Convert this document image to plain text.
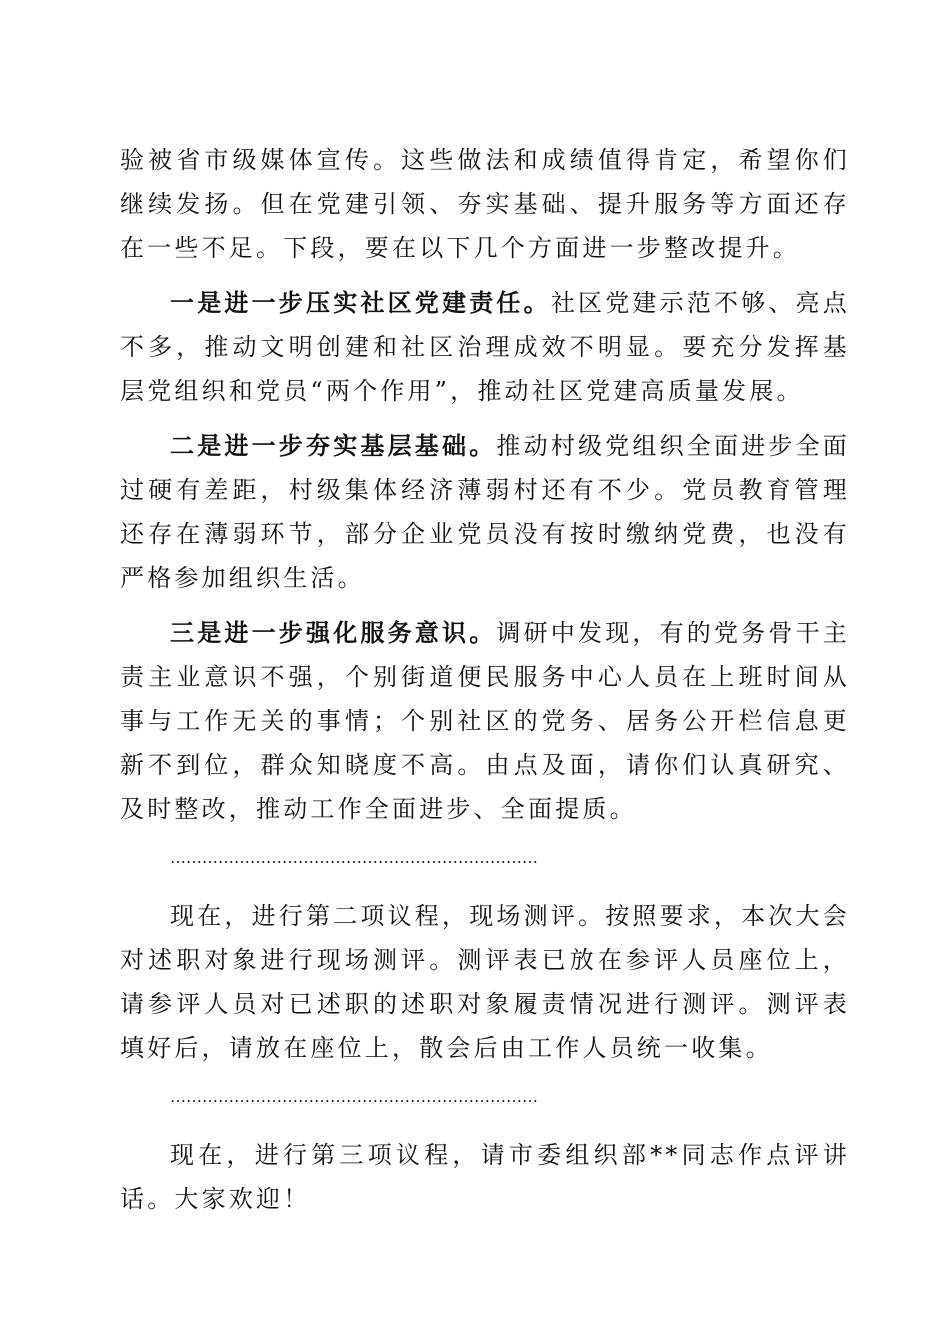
验被省市级媒体宣传。这些做法和成绩值得肯定，希望你们继续发扬。但在党建引领、夯实基础、提升服务等方面还存在一些不足。下段，要在以下几个方面进一步整改提升。

一是进一步压实社区党建责任。社区党建示范不够、亮点不多，推动文明创建和社区治理成效不明显。要充分发挥基层党组织和党员“两个作用”，推动社区党建高质量发展。

二是进一步夯实基层基础。推动村级党组织全面进步全面过硬有差距，村级集体经济薄弱村还有不少。党员教育管理还存在薄弱环节，部分企业党员没有按时缴纳党费，也没有严格参加组织生活。

三是进一步强化服务意识。调研中发现，有的党务骨干主责主业意识不强，个别街道便民服务中心人员在上班时间从事与工作无关的事情；个别社区的党务、居务公开栏信息更新不到位，群众知晓度不高。由点及面，请你们认真研究、及时整改，推动工作全面进步、全面提质。

……………………………………………………………

现在，进行第二项议程，现场测评。按照要求，本次大会对述职对象进行现场测评。测评表已放在参评人员座位上，请参评人员对已述职的述职对象履责情况进行测评。测评表填好后，请放在座位上，散会后由工作人员统一收集。

……………………………………………………………

现在，进行第三项议程，请市委组织部**同志作点评讲话。大家欢迎！
